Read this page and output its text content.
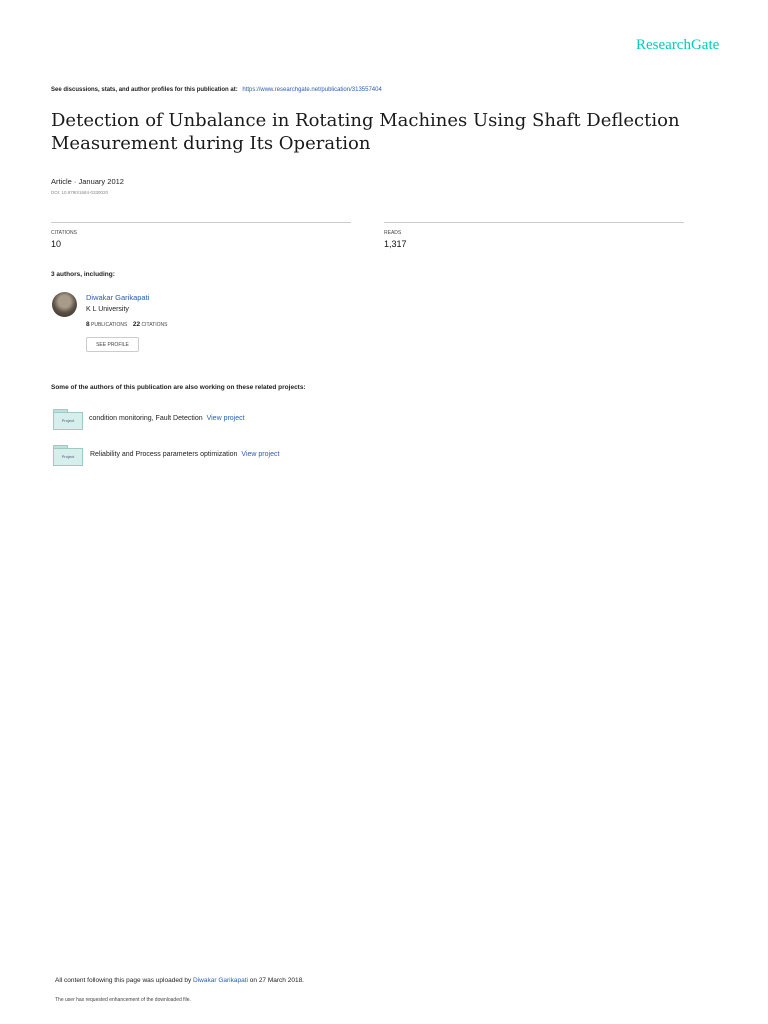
ResearchGate
See discussions, stats, and author profiles for this publication at: https://www.researchgate.net/publication/313557404
Detection of Unbalance in Rotating Machines Using Shaft Deflection Measurement during Its Operation
Article · January 2012
DOI: 10.9790/1684-0330020
CITATIONS
10
READS
1,317
3 authors, including:
Diwakar Garikapati
K L University
8 PUBLICATIONS 22 CITATIONS
SEE PROFILE
Some of the authors of this publication are also working on these related projects:
Project	condition monitoring, Fault Detection View project
Project	Reliability and Process parameters optimization View project
All content following this page was uploaded by Diwakar Garikapati on 27 March 2018.
The user has requested enhancement of the downloaded file.
